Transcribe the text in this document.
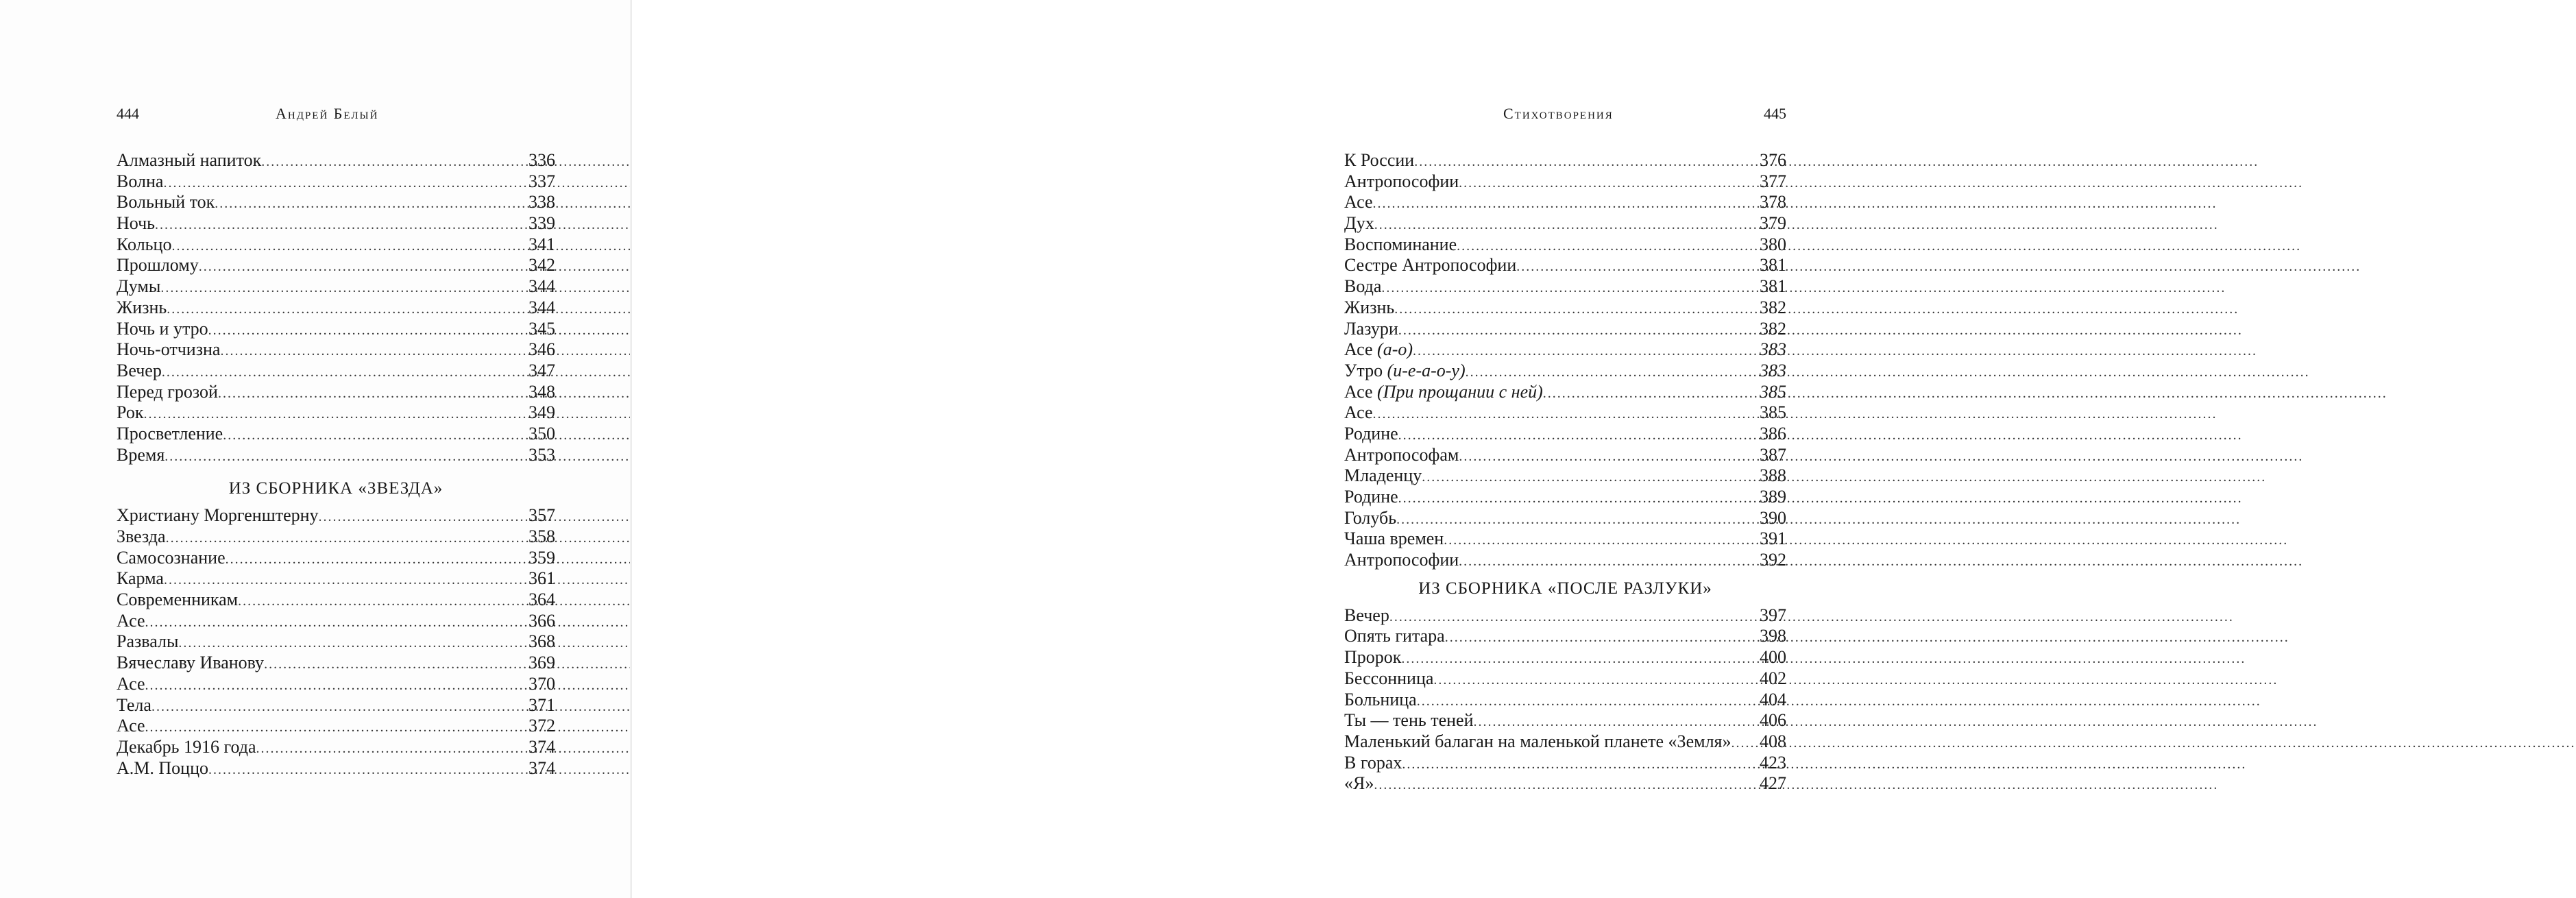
444	Андрей Белый
Алмазный напиток .....	336
Волна .....	337
Вольный ток .....	338
Ночь .....	339
Кольцо .....	341
Прошлому .....	342
Думы .....	344
Жизнь .....	344
Ночь и утро .....	345
Ночь-отчизна .....	346
Вечер .....	347
Перед грозой .....	348
Рок .....	349
Просветление .....	350
Время .....	353
ИЗ СБОРНИКА «ЗВЕЗДА»
Христиану Моргенштерну .....	357
Звезда .....	358
Самосознание .....	359
Карма .....	361
Современникам .....	364
Асе .....	366
Развалы .....	368
Вячеславу Иванову .....	369
Асе .....	370
Тела .....	371
Асе .....	372
Декабрь 1916 года .....	374
А.М. Поццо .....	374
Стихотворения	445
К России .....	376
Антропософии .....	377
Асе .....	378
Дух .....	379
Воспоминание .....	380
Сестре Антропософии .....	381
Вода .....	381
Жизнь .....	382
Лазури .....	382
Асе (а-о) .....	383
Утро (и-е-а-о-у) .....	383
Асе (При прощании с ней) .....	385
Асе .....	385
Родине .....	386
Антропософам .....	387
Младенцу .....	388
Родине .....	389
Голубь .....	390
Чаша времен .....	391
Антропософии .....	392
ИЗ СБОРНИКА «ПОСЛЕ РАЗЛУКИ»
Вечер .....	397
Опять гитара .....	398
Пророк .....	400
Бессонница .....	402
Больница .....	404
Ты — тень теней .....	406
Маленький балаган на маленькой планете «Земля» ..... 408
В горах .....	423
«Я» .....	427
